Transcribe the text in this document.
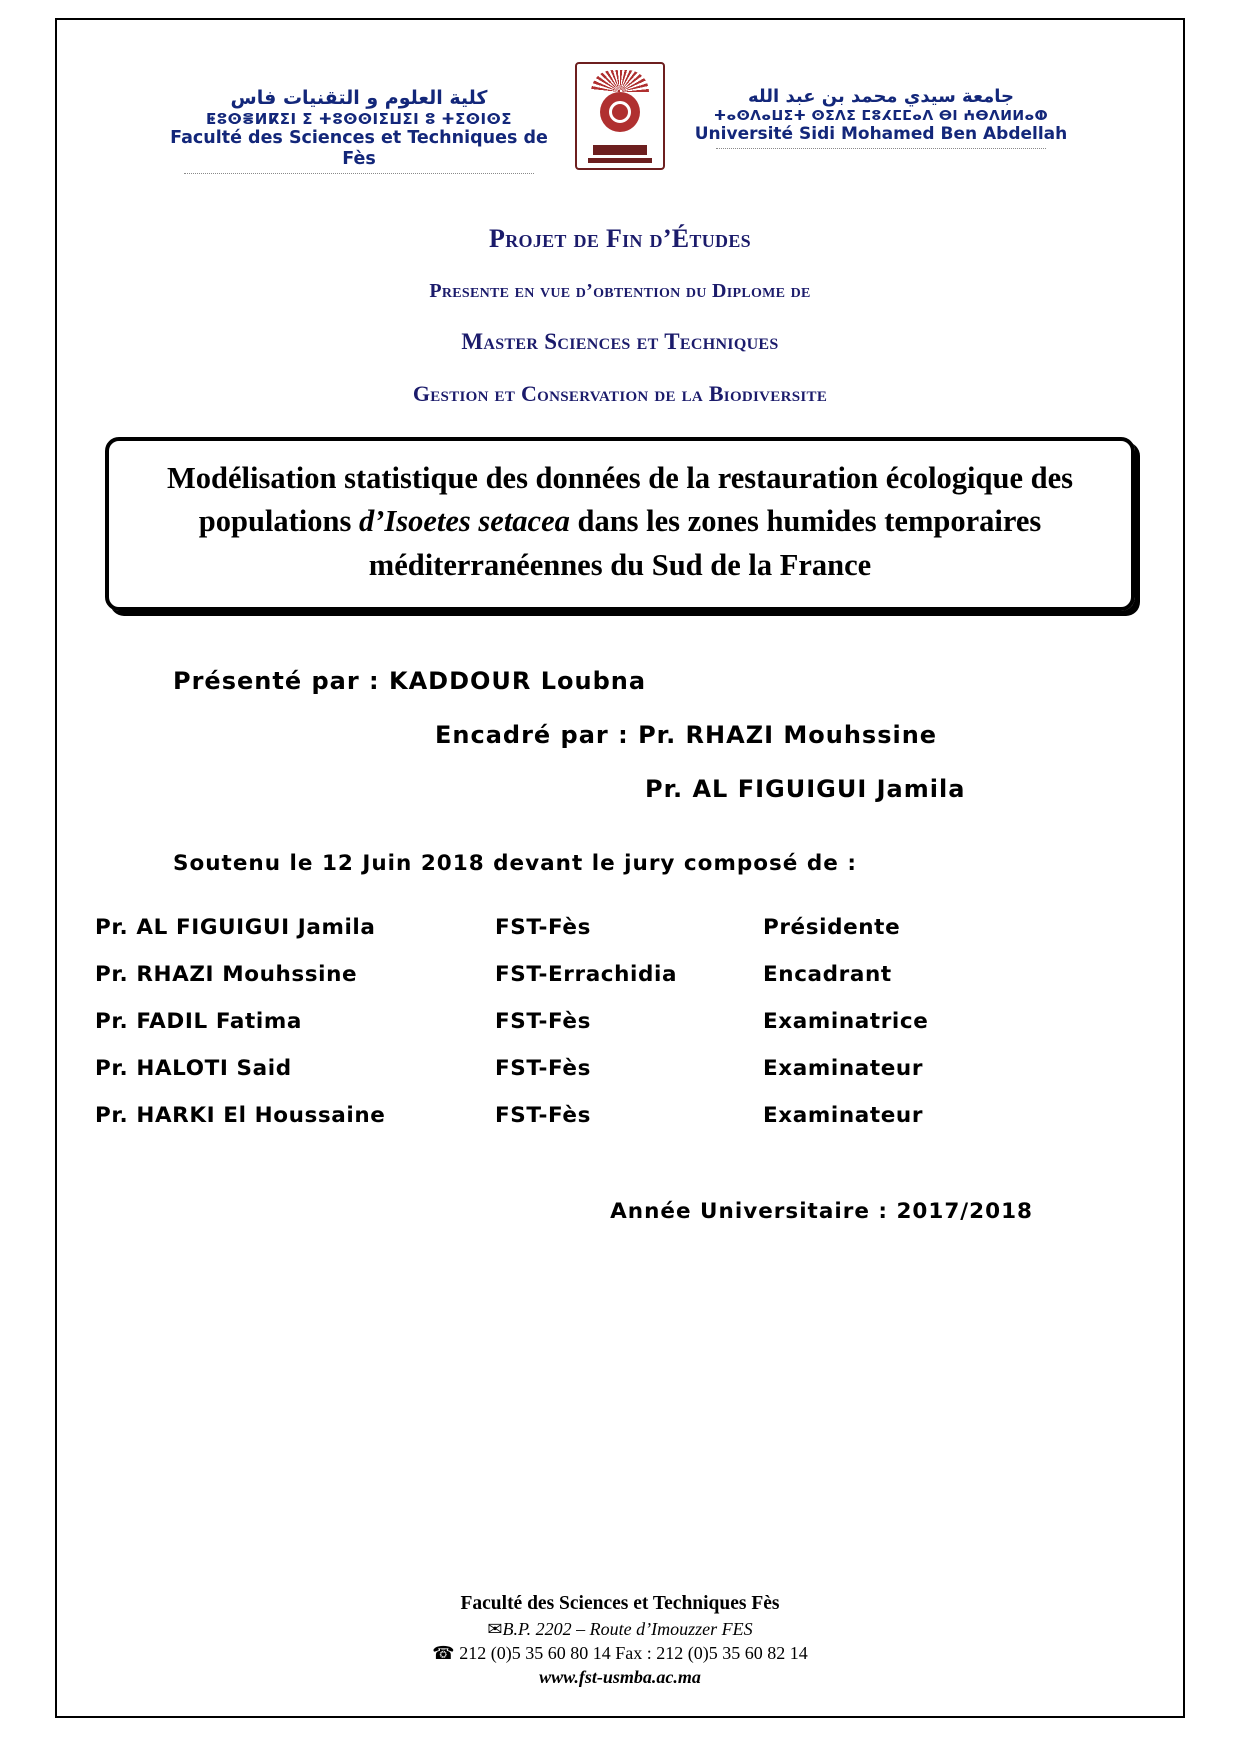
كلية العلوم و التقنيات فاس
ⵟⵓⵙⴻⵍⴽⵉⵏ ⵉ ⵜⵓⵙⵙⵏⵉⵡⵉⵏ ⵓ ⵜⵉⵙⵏⵙⵉ
Faculté des Sciences et Techniques de Fès
جامعة سيدي محمد بن عبد الله
ⵜⴰⵙⴷⴰⵡⵉⵜ ⵙⵉⴷⵉ ⵎⵓⵃⵎⵎⴰⴷ ⴱⵏ ⵄⴱⴷⵍⵍⴰⵀ
Université Sidi Mohamed Ben Abdellah
Projet de Fin d’Études
Presente en vue d’obtention du Diplome de
Master Sciences et Techniques
Gestion et Conservation de la Biodiversite

Modélisation statistique des données de la restauration écologique des populations d’Isoetes setacea dans les zones humides temporaires méditerranéennes du Sud de la France

Présenté par : KADDOUR Loubna
Encadré par : Pr. RHAZI Mouhssine
Pr. AL FIGUIGUI Jamila
Soutenu le 12 Juin 2018 devant le jury composé de :
Pr. AL FIGUIGUI Jamila	FST-Fès	Présidente
Pr. RHAZI Mouhssine	FST-Errachidia	Encadrant
Pr. FADIL Fatima	FST-Fès	Examinatrice
Pr. HALOTI Said	FST-Fès	Examinateur
Pr. HARKI El Houssaine	FST-Fès	Examinateur
Année Universitaire : 2017/2018
Faculté des Sciences et Techniques Fès
✉B.P. 2202 – Route d’Imouzzer FES
☎ 212 (0)5 35 60 80 14 Fax : 212 (0)5 35 60 82 14
www.fst-usmba.ac.ma
